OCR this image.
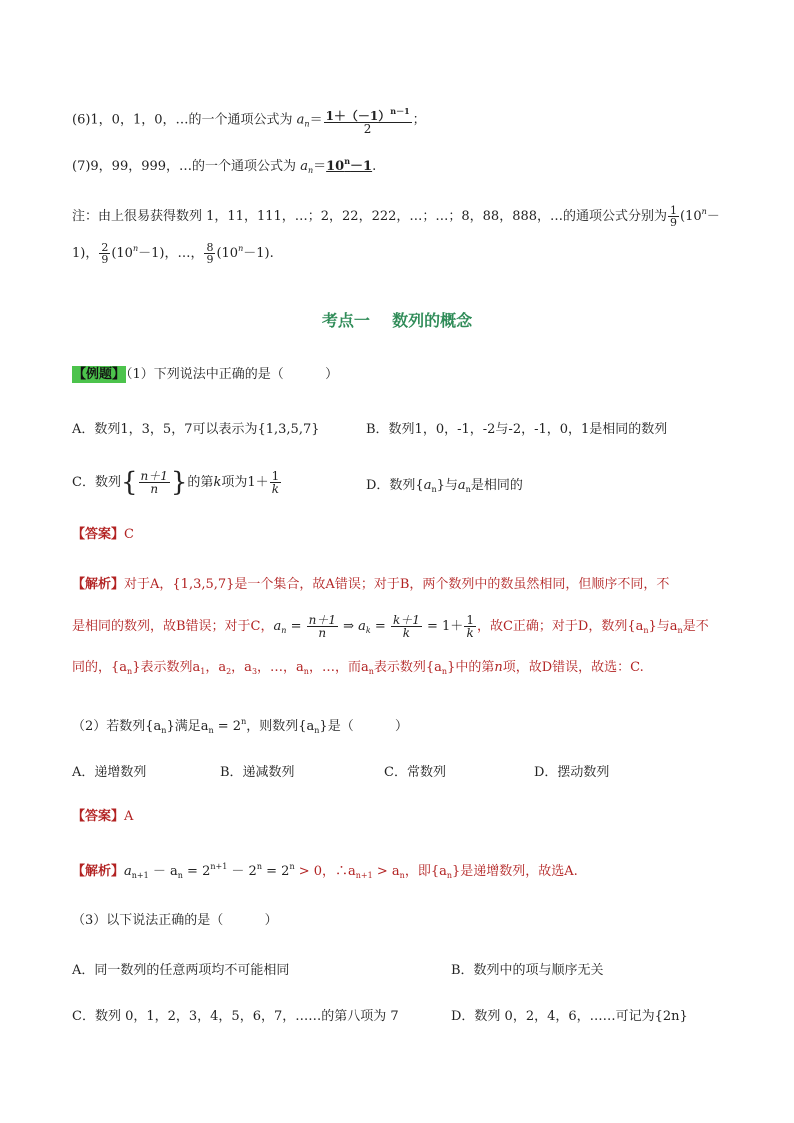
(6)1，0，1，0，…的一个通项公式为 $a_n= \frac{1+(-1)^{n-1}}{2}$ ；
(7)9，99，999，…的一个通项公式为 $a_n=10^n-1$.
注：由上很易获得数列 1，11，111，…；2，22，222，…；…；8，88，888，…的通项公式分别为 $\frac{1}{9} (10^n-$
1)， $\frac{2}{9} (10^n-1)$，…， $\frac{8}{9} (10^n-1)$.
考点一    数列的概念
【例题】（1）下列说法中正确的是（          ）
A．数列1，3，5，7可以表示为{1,3,5,7}	B．数列1，0，-1，-2与-2，-1，0，1是相同的数列
C．数列{ $\frac{n+1}{n}$ }的第k项为$1+ \frac{1}{k}$	D．数列$\{a_n\}$与$a_n$是相同的
【答案】C
【解析】对于A，{1,3,5,7}是一个集合，故A错误；对于B，两个数列中的数虽然相同，但顺序不同，不
是相同的数列，故B错误；对于C，$a_n = \frac{n+1}{n}$ ⇒ $a_k = \frac{k+1}{k} = 1+ \frac{1}{k}$ ，故C正确；对于D，数列$\{a_n\}$与$a_n$是不
同的，$\{a_n\}$表示数列$a_1$，$a_2$，$a_3$，…，$a_n$，…，而$a_n$表示数列$\{a_n\}$中的第n项，故D错误，故选：C.
（2）若数列$\{a_n\}$满足$a_n = 2^n$，则数列$\{a_n\}$是（          ）
A．递增数列	B．递减数列	C．常数列	D．摆动数列
【答案】A
【解析】$a_{n+1} - a_n = 2^{n+1} - 2^n = 2^n > 0$，$\therefore a_{n+1} > a_n$，即$\{a_n\}$是递增数列，故选A.
（3）以下说法正确的是（          ）
A．同一数列的任意两项均不可能相同	B．数列中的项与顺序无关
C．数列 0，1，2，3，4，5，6，7，……的第八项为 7	D．数列 0，2，4，6，……可记为{2n}
